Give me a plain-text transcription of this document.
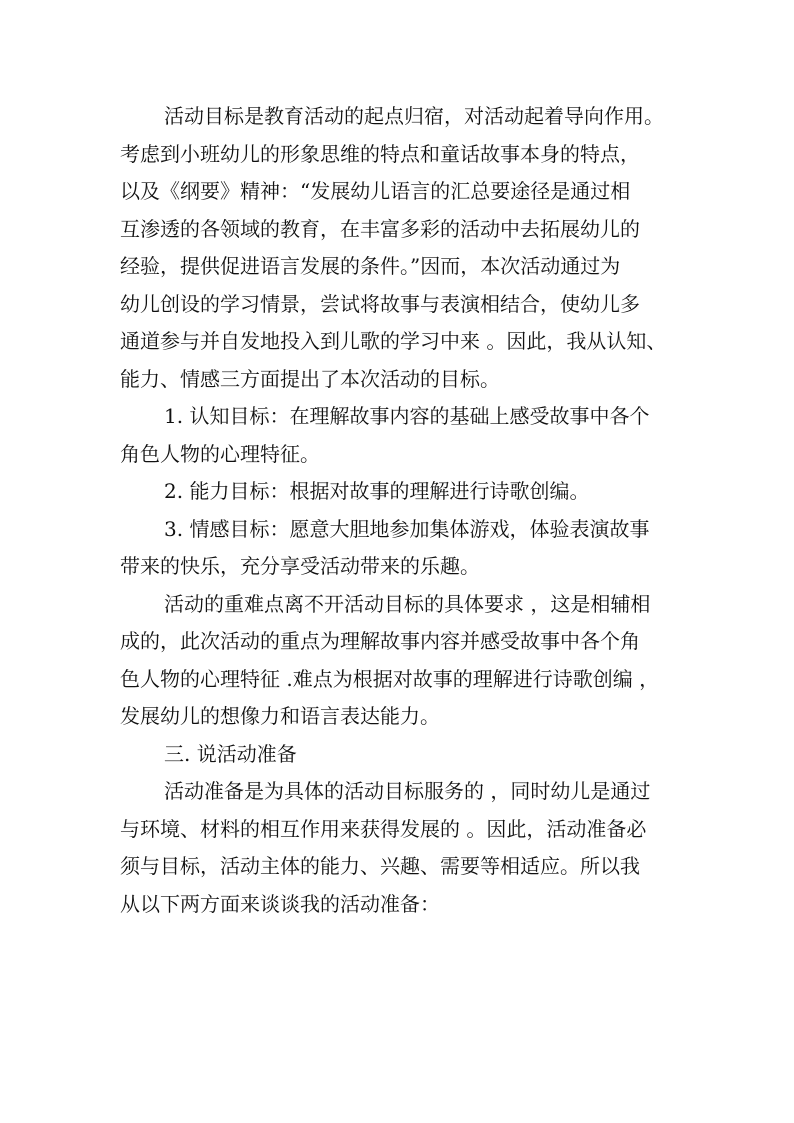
活动目标是教育活动的起点归宿，对活动起着导向作用。
考虑到小班幼儿的形象思维的特点和童话故事本身的特点，
以及《纲要》精神：“发展幼儿语言的汇总要途径是通过相
互渗透的各领域的教育，在丰富多彩的活动中去拓展幼儿的
经验，提供促进语言发展的条件。”因而，本次活动通过为
幼儿创设的学习情景，尝试将故事与表演相结合，使幼儿多
通道参与并自发地投入到儿歌的学习中来 。因此，我从认知、
能力、情感三方面提出了本次活动的目标。
1. 认知目标：在理解故事内容的基础上感受故事中各个
角色人物的心理特征。
2. 能力目标：根据对故事的理解进行诗歌创编。
3. 情感目标：愿意大胆地参加集体游戏，体验表演故事
带来的快乐，充分享受活动带来的乐趣。
活动的重难点离不开活动目标的具体要求 ，这是相辅相
成的，此次活动的重点为理解故事内容并感受故事中各个角
色人物的心理特征 .难点为根据对故事的理解进行诗歌创编 ，
发展幼儿的想像力和语言表达能力。
三. 说活动准备
活动准备是为具体的活动目标服务的 ，同时幼儿是通过
与环境、材料的相互作用来获得发展的 。因此，活动准备必
须与目标，活动主体的能力、兴趣、需要等相适应。所以我
从以下两方面来谈谈我的活动准备：
